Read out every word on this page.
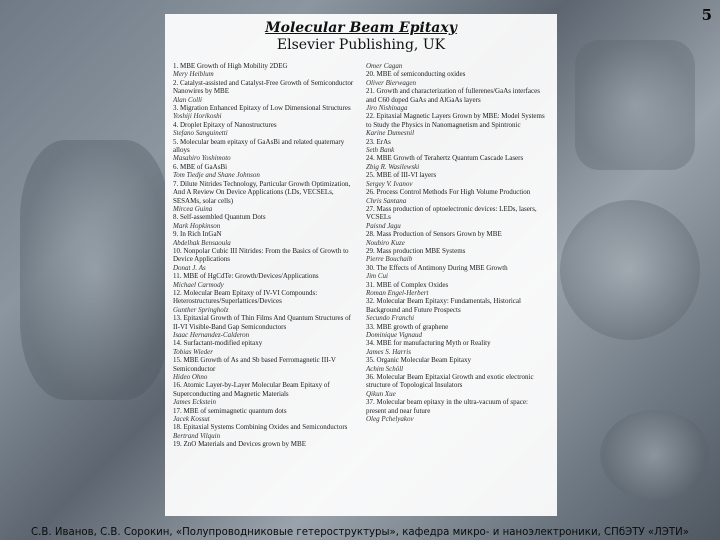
5
Molecular Beam Epitaxy
Elsevier Publishing, UK
1. MBE Growth of High Mobility 2DEG
Mery Heiblum
2. Catalyst-assisted and Catalyst-Free Growth of Semiconductor Nanowires by MBE
Alan Colli
3. Migration Enhanced Epitaxy of Low Dimensional Structures
Yoshiji Horikoshi
4. Droplet Epitaxy of Nanostructures
Stefano Sanguinetti
5. Molecular beam epitaxy of GaAsBi and related quaternary alloys
Masahiro Yoshimoto
6. MBE of GaAsBi
Tom Tiedje and Shane Johnson
7. Dilute Nitrides Technology, Particular Growth Optimization, And A Review On Device Applications (LDs, VECSELs, SESAMs, solar cells)
Mircea Guina
8. Self-assembled Quantum Dots
Mark Hopkinson
9. In Rich InGaN
Abdelhak Bensaoula
10. Nonpolar Cubic III Nitrides: From the Basics of Growth to Device Applications
Donat J. As
11. MBE of HgCdTe: Growth/Devices/Applications
Michael Carmody
12. Molecular Beam Epitaxy of IV-VI Compounds: Heterostructures/Superlattices/Devices
Gunther Springholz
13. Epitaxial Growth of Thin Films And Quantum Structures of II-VI Visible-Band Gap Semiconductors
Isaac Hernandez-Calderon
14. Surfactant-modified epitaxy
Tobias Wieder
15. MBE Growth of As and Sb based Ferromagnetic III-V Semiconductor
Hideo Ohno
16. Atomic Layer-by-Layer Molecular Beam Epitaxy of Superconducting and Magnetic Materials
James Eckstein
17. MBE of semimagnetic quantum dots
Jacek Kossut
18. Epitaxial Systems Combining Oxides and Semiconductors
Bertrand Vilquin
19. ZnO Materials and Devices grown by MBE
Omer Cagan
20. MBE of semiconducting oxides
Oliver Bierwagen
21. Growth and characterization of fullerenes/GaAs interfaces and C60 doped GaAs and AlGaAs layers
Jiro Nishinaga
22. Epitaxial Magnetic Layers Grown by MBE: Model Systems to Study the Physics in Nanomagnetism and Spintronic
Karine Dumesnil
23. ErAs
Seth Bank
24. MBE Growth of Terahertz Quantum Cascade Lasers
Zbig R. Wasilewski
25. MBE of III-VI layers
Sergey V. Ivanov
26. Process Control Methods For High Volume Production
Chris Santana
27. Mass production of optoelectronic devices: LEDs, lasers, VCSELs
Paisnd Jagu
28. Mass Production of Sensors Grown by MBE
Noubiro Kuze
29. Mass production MBE Systems
Pierre Bouchaib
30. The Effects of Antimony During MBE Growth
Jim Cui
31. MBE of Complex Oxides
Roman Engel-Herbert
32. Molecular Beam Epitaxy: Fundamentals, Historical Background and Future Prospects
Secundo Franchi
33. MBE growth of graphene
Dominique Vignaud
34. MBE for manufacturing Myth or Reality
James S. Harris
35. Organic Molecular Beam Epitaxy
Achim Schöll
36. Molecular Beam Epitaxial Growth and exotic electronic structure of Topological Insulators
Qikun Xue
37. Molecular beam epitaxy in the ultra-vacuum of space: present and near future
Oleg Pchelyakov
С.В. Иванов, С.В. Сорокин, «Полупроводниковые гетероструктуры», кафедра микро- и наноэлектроники, СПбЭТУ «ЛЭТИ»
